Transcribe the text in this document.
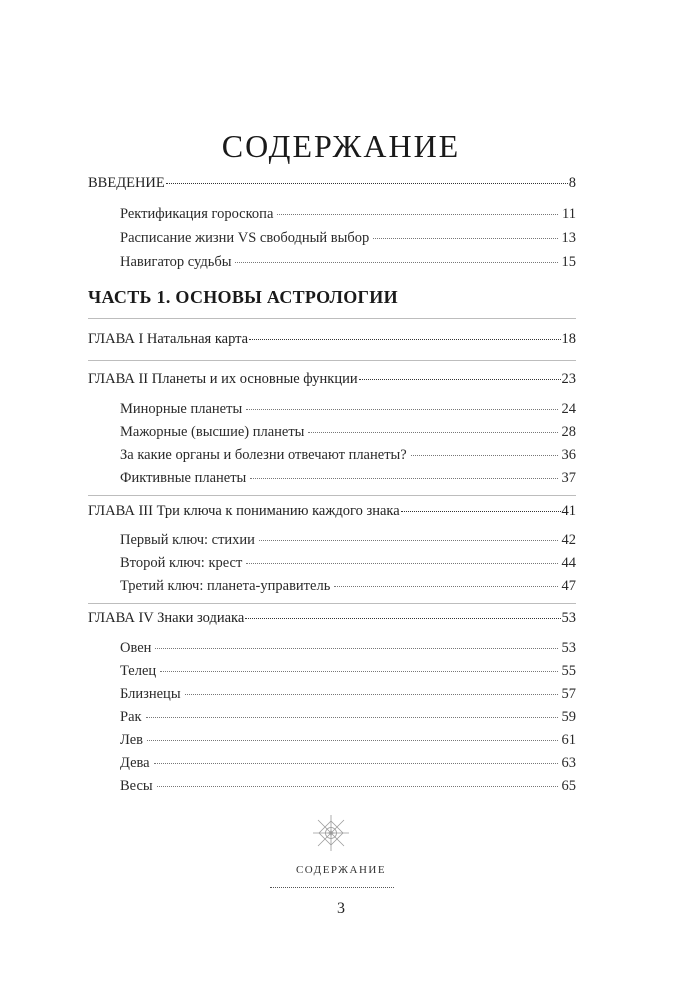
СОДЕРЖАНИЕ
ВВЕДЕНИЕ	8
Ректификация гороскопа	11
Расписание жизни VS свободный выбор	13
Навигатор судьбы	15
ЧАСТЬ 1. ОСНОВЫ АСТРОЛОГИИ
ГЛАВА I Натальная карта	18
ГЛАВА II Планеты и их основные функции	23
Минорные планеты	24
Мажорные (высшие) планеты	28
За какие органы и болезни отвечают планеты?	36
Фиктивные планеты	37
ГЛАВА III Три ключа к пониманию каждого знака	41
Первый ключ: стихии	42
Второй ключ: крест	44
Третий ключ: планета-управитель	47
ГЛАВА IV Знаки зодиака	53
Овен	53
Телец	55
Близнецы	57
Рак	59
Лев	61
Дева	63
Весы	65
СОДЕРЖАНИЕ
3
